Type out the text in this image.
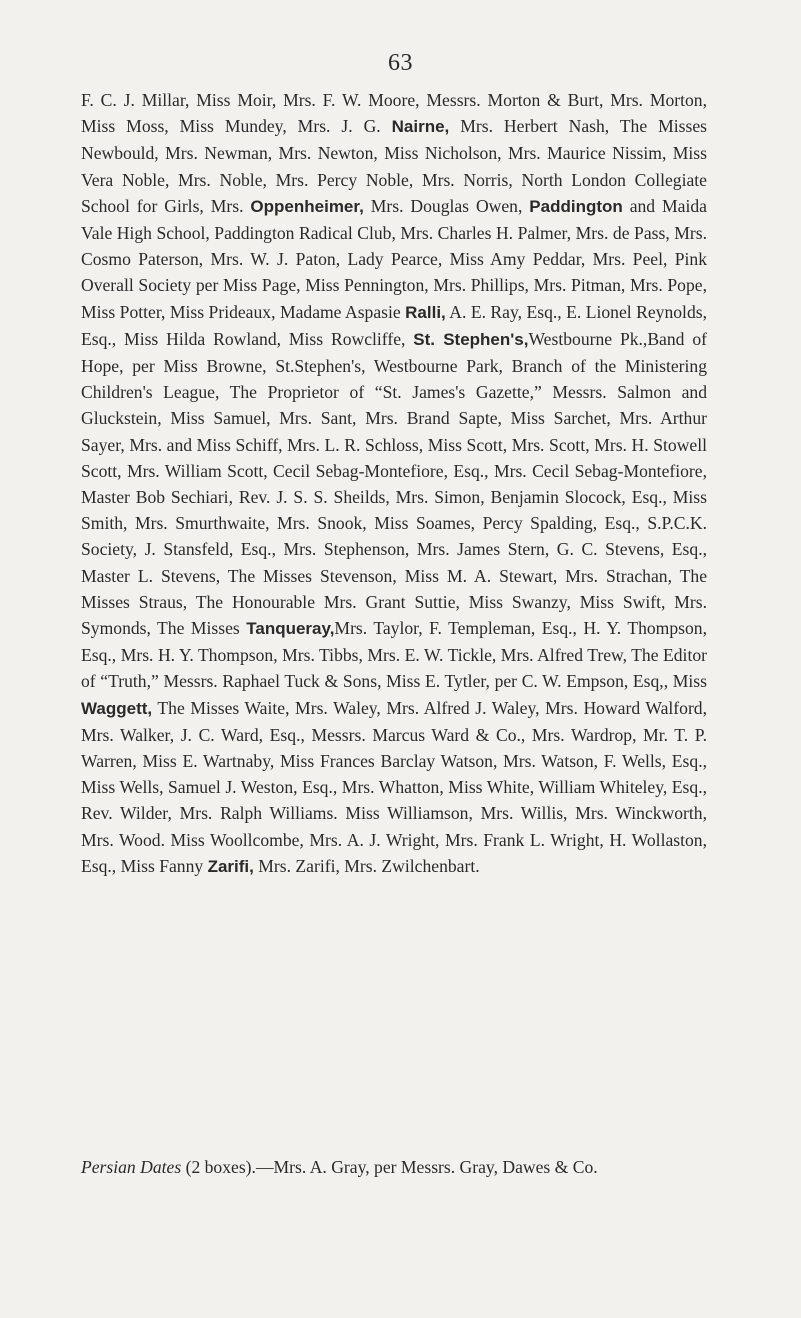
63

F. C. J. Millar, Miss Moir, Mrs. F. W. Moore, Messrs. Morton & Burt, Mrs. Morton, Miss Moss, Miss Mundey, Mrs. J. G. Nairne, Mrs. Herbert Nash, The Misses Newbould, Mrs. Newman, Mrs. Newton, Miss Nicholson, Mrs. Maurice Nissim, Miss Vera Noble, Mrs. Noble, Mrs. Percy Noble, Mrs. Norris, North London Collegiate School for Girls, Mrs. Oppenheimer, Mrs. Douglas Owen, Paddington and Maida Vale High School, Paddington Radical Club, Mrs. Charles H. Palmer, Mrs. de Pass, Mrs. Cosmo Paterson, Mrs. W. J. Paton, Lady Pearce, Miss Amy Peddar, Mrs. Peel, Pink Overall Society per Miss Page, Miss Pennington, Mrs. Phillips, Mrs. Pitman, Mrs. Pope, Miss Potter, Miss Prideaux, Madame Aspasie Ralli, A. E. Ray, Esq., E. Lionel Reynolds, Esq., Miss Hilda Rowland, Miss Rowcliffe, St. Stephen's,Westbourne Pk.,Band of Hope, per Miss Browne, St.Stephen's, Westbourne Park, Branch of the Ministering Children's League, The Proprietor of “St. James's Gazette,” Messrs. Salmon and Gluckstein, Miss Samuel, Mrs. Sant, Mrs. Brand Sapte, Miss Sarchet, Mrs. Arthur Sayer, Mrs. and Miss Schiff, Mrs. L. R. Schloss, Miss Scott, Mrs. Scott, Mrs. H. Stowell Scott, Mrs. William Scott, Cecil Sebag-Montefiore, Esq., Mrs. Cecil Sebag-Montefiore, Master Bob Sechiari, Rev. J. S. S. Sheilds, Mrs. Simon, Benjamin Slocock, Esq., Miss Smith, Mrs. Smurthwaite, Mrs. Snook, Miss Soames, Percy Spalding, Esq., S.P.C.K. Society, J. Stansfeld, Esq., Mrs. Stephenson, Mrs. James Stern, G. C. Stevens, Esq., Master L. Stevens, The Misses Stevenson, Miss M. A. Stewart, Mrs. Strachan, The Misses Straus, The Honourable Mrs. Grant Suttie, Miss Swanzy, Miss Swift, Mrs. Symonds, The Misses Tanqueray,Mrs. Taylor, F. Templeman, Esq., H. Y. Thompson, Esq., Mrs. H. Y. Thompson, Mrs. Tibbs, Mrs. E. W. Tickle, Mrs. Alfred Trew, The Editor of “Truth,” Messrs. Raphael Tuck & Sons, Miss E. Tytler, per C. W. Empson, Esq,, Miss Waggett, The Misses Waite, Mrs. Waley, Mrs. Alfred J. Waley, Mrs. Howard Walford, Mrs. Walker, J. C. Ward, Esq., Messrs. Marcus Ward & Co., Mrs. Wardrop, Mr. T. P. Warren, Miss E. Wartnaby, Miss Frances Barclay Watson, Mrs. Watson, F. Wells, Esq., Miss Wells, Samuel J. Weston, Esq., Mrs. Whatton, Miss White, William Whiteley, Esq., Rev. Wilder, Mrs. Ralph Williams. Miss Williamson, Mrs. Willis, Mrs. Winckworth, Mrs. Wood. Miss Woollcombe, Mrs. A. J. Wright, Mrs. Frank L. Wright, H. Wollaston, Esq., Miss Fanny Zarifi, Mrs. Zarifi, Mrs. Zwilchenbart.

Persian Dates (2 boxes).—Mrs. A. Gray, per Messrs. Gray, Dawes & Co.
